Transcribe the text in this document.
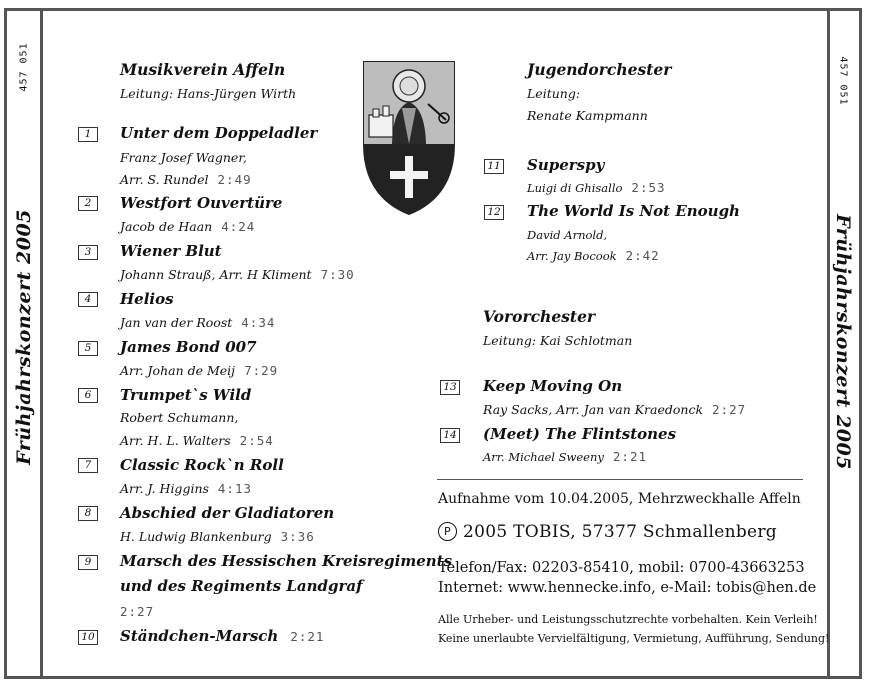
457 051	457 051
Frühjahrskonzert 2005	Frühjahrskonzert 2005
Musikverein Affeln
Leitung: Hans-Jürgen Wirth
1	Unter dem Doppeladler
Franz Josef Wagner,
Arr. S. Rundel 2:49
2	Westfort Ouvertüre
Jacob de Haan 4:24
3	Wiener Blut
Johann Strauß, Arr. H Kliment 7:30
4	Helios
Jan van der Roost 4:34
5	James Bond 007
Arr. Johan de Meij 7:29
6	Trumpet`s Wild
Robert Schumann,
Arr. H. L. Walters 2:54
7	Classic Rock`n Roll
Arr. J. Higgins 4:13
8	Abschied der Gladiatoren
H. Ludwig Blankenburg 3:36
9	Marsch des Hessischen Kreisregiments
und des Regiments Landgraf
2:27
10 Ständchen-Marsch 2:21
Jugendorchester
Leitung:
Renate Kampmann
11 Superspy
Luigi di Ghisallo 2:53
12 The World Is Not Enough
David Arnold,
Arr. Jay Bocook 2:42
Vororchester
Leitung: Kai Schlotman
13 Keep Moving On
Ray Sacks, Arr. Jan van Kraedonck 2:27
14 (Meet) The Flintstones
Arr. Michael Sweeny 2:21
Aufnahme vom 10.04.2005, Mehrzweckhalle Affeln
P 2005 TOBIS, 57377 Schmallenberg
Telefon/Fax: 02203-85410, mobil: 0700-43663253
Internet: www.hennecke.info, e-Mail: tobis@hen.de
Alle Urheber- und Leistungsschutzrechte vorbehalten. Kein Verleih!
Keine unerlaubte Vervielfältigung, Vermietung, Aufführung, Sendung!
